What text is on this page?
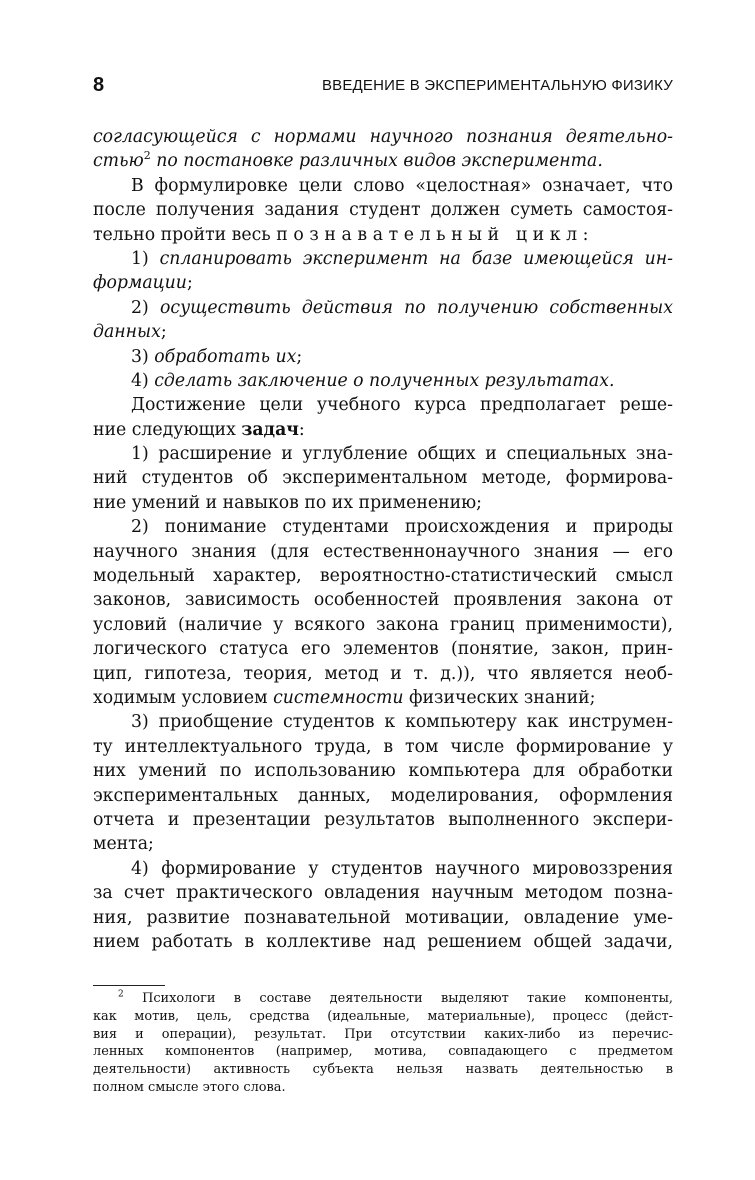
8	ВВЕДЕНИЕ В ЭКСПЕРИМЕНТАЛЬНУЮ ФИЗИКУ
согласующейся с нормами научного познания деятельно-
стью$^2$ по постановке различных видов эксперимента.
В формулировке цели слово «целостная» означает, что
после получения задания студент должен суметь самостоя-
тельно пройти весь познавательный цикл:
1) спланировать эксперимент на базе имеющейся ин-
формации;
2) осуществить действия по получению собственных
данных;
3) обработать их;
4) сделать заключение о полученных результатах.
Достижение цели учебного курса предполагает реше-
ние следующих задач:
1) расширение и углубление общих и специальных зна-
ний студентов об экспериментальном методе, формирова-
ние умений и навыков по их применению;
2) понимание студентами происхождения и природы
научного знания (для естественнонаучного знания — его
модельный характер, вероятностно-статистический смысл
законов, зависимость особенностей проявления закона от
условий (наличие у всякого закона границ применимости),
логического статуса его элементов (понятие, закон, прин-
цип, гипотеза, теория, метод и т. д.)), что является необ-
ходимым условием системности физических знаний;
3) приобщение студентов к компьютеру как инструмен-
ту интеллектуального труда, в том числе формирование у
них умений по использованию компьютера для обработки
экспериментальных данных, моделирования, оформления
отчета и презентации результатов выполненного экспери-
мента;
4) формирование у студентов научного мировоззрения
за счет практического овладения научным методом позна-
ния, развитие познавательной мотивации, овладение уме-
нием работать в коллективе над решением общей задачи,
$^2$ Психологи в составе деятельности выделяют такие компоненты,
как мотив, цель, средства (идеальные, материальные), процесс (дейст-
вия и операции), результат. При отсутствии каких-либо из перечис-
ленных компонентов (например, мотива, совпадающего с предметом
деятельности) активность субъекта нельзя назвать деятельностью в
полном смысле этого слова.
